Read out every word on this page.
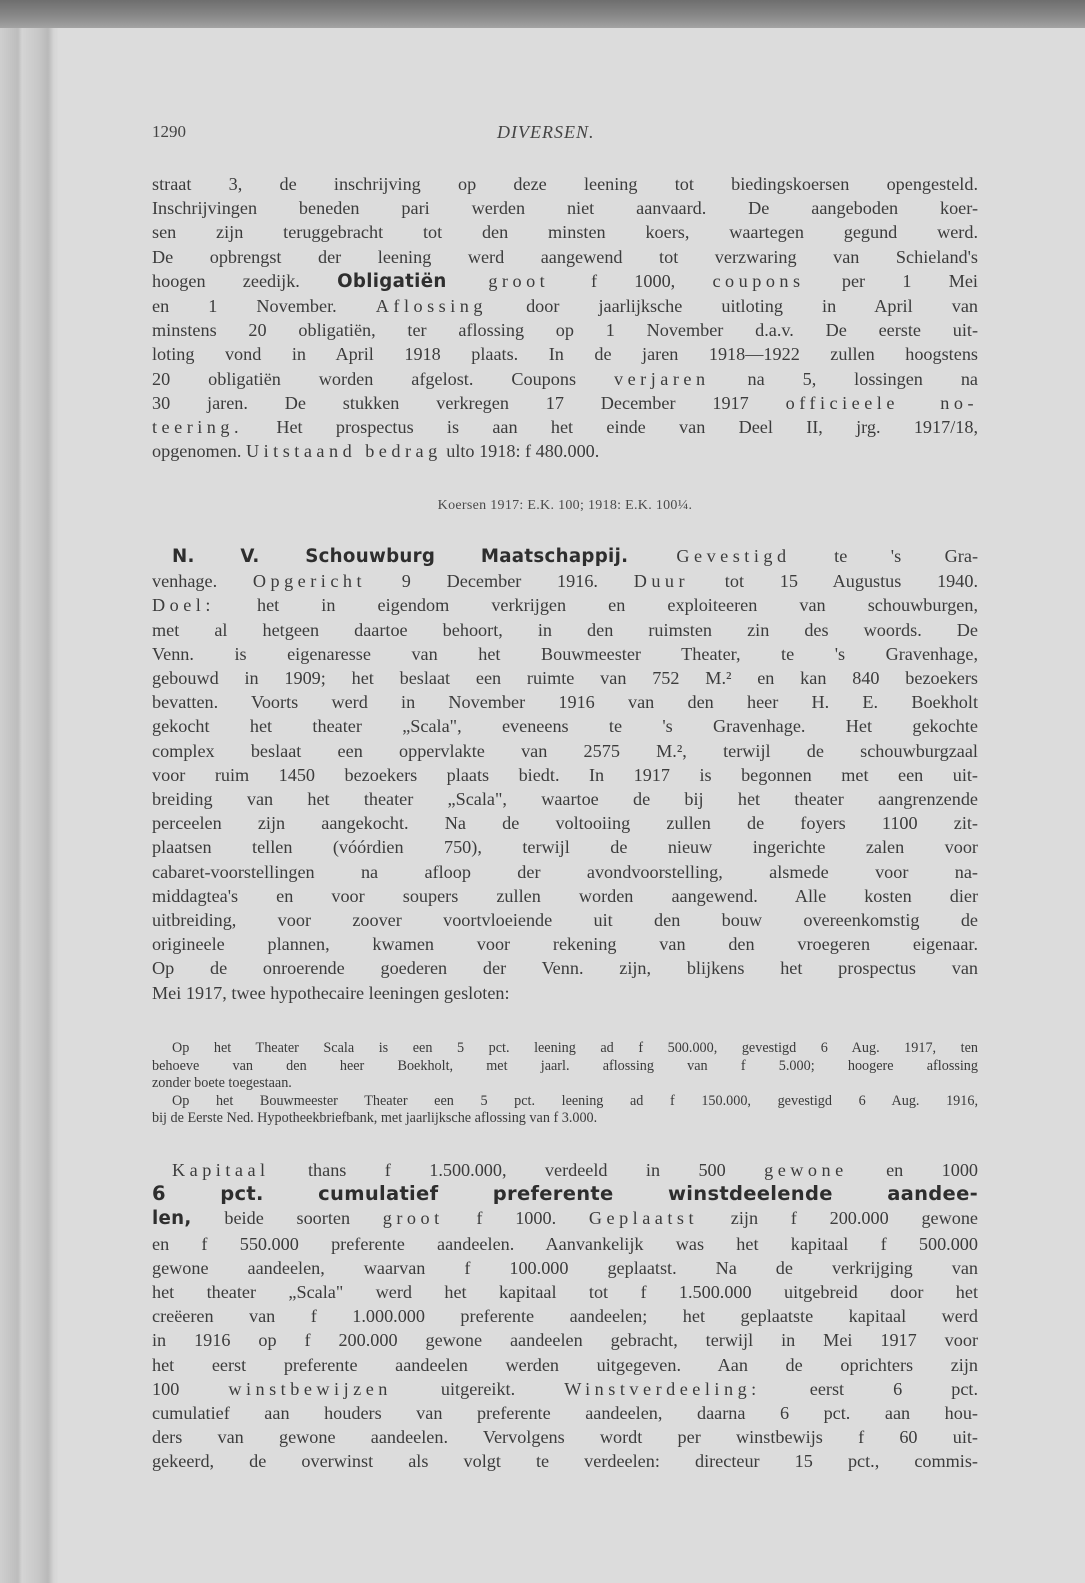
1290	DIVERSEN.
straat 3, de inschrijving op deze leening tot biedingskoersen opengesteld.
Inschrijvingen beneden pari werden niet aanvaard. De aangeboden koer-
sen zijn teruggebracht tot den minsten koers, waartegen gegund werd.
De opbrengst der leening werd aangewend tot verzwaring van Schieland's
hoogen zeedijk. Obligatiën groot f 1000, coupons per 1 Mei
en 1 November. Aflossing door jaarlijksche uitloting in April van
minstens 20 obligatiën, ter aflossing op 1 November d.a.v. De eerste uit-
loting vond in April 1918 plaats. In de jaren 1918—1922 zullen hoogstens
20 obligatiën worden afgelost. Coupons verjaren na 5, lossingen na
30 jaren. De stukken verkregen 17 December 1917 officieele no-
teering. Het prospectus is aan het einde van Deel II, jrg. 1917/18,
opgenomen. Uitstaand bedrag ulto 1918: f 480.000.
Koersen 1917: E.K. 100; 1918: E.K. 100¼.
N. V. Schouwburg Maatschappij. Gevestigd te 's Gra-
venhage. Opgericht 9 December 1916. Duur tot 15 Augustus 1940.
Doel: het in eigendom verkrijgen en exploiteeren van schouwburgen,
met al hetgeen daartoe behoort, in den ruimsten zin des woords. De
Venn. is eigenaresse van het Bouwmeester Theater, te 's Gravenhage,
gebouwd in 1909; het beslaat een ruimte van 752 M.² en kan 840 bezoekers
bevatten. Voorts werd in November 1916 van den heer H. E. Boekholt
gekocht het theater „Scala", eveneens te 's Gravenhage. Het gekochte
complex beslaat een oppervlakte van 2575 M.², terwijl de schouwburgzaal
voor ruim 1450 bezoekers plaats biedt. In 1917 is begonnen met een uit-
breiding van het theater „Scala", waartoe de bij het theater aangrenzende
perceelen zijn aangekocht. Na de voltooiing zullen de foyers 1100 zit-
plaatsen tellen (vóórdien 750), terwijl de nieuw ingerichte zalen voor
cabaret-voorstellingen na afloop der avondvoorstelling, alsmede voor na-
middagtea's en voor soupers zullen worden aangewend. Alle kosten dier
uitbreiding, voor zoover voortvloeiende uit den bouw overeenkomstig de
origineele plannen, kwamen voor rekening van den vroegeren eigenaar.
Op de onroerende goederen der Venn. zijn, blijkens het prospectus van
Mei 1917, twee hypothecaire leeningen gesloten:
Op het Theater Scala is een 5 pct. leening ad f 500.000, gevestigd 6 Aug. 1917, ten
behoeve van den heer Boekholt, met jaarl. aflossing van f 5.000; hoogere aflossing
zonder boete toegestaan.
Op het Bouwmeester Theater een 5 pct. leening ad f 150.000, gevestigd 6 Aug. 1916,
bij de Eerste Ned. Hypotheekbriefbank, met jaarlijksche aflossing van f 3.000.
Kapitaal thans f 1.500.000, verdeeld in 500 gewone en 1000
6 pct. cumulatief preferente winstdeelende aandee-
len, beide soorten groot f 1000. Geplaatst zijn f 200.000 gewone
en f 550.000 preferente aandeelen. Aanvankelijk was het kapitaal f 500.000
gewone aandeelen, waarvan f 100.000 geplaatst. Na de verkrijging van
het theater „Scala" werd het kapitaal tot f 1.500.000 uitgebreid door het
creëeren van f 1.000.000 preferente aandeelen; het geplaatste kapitaal werd
in 1916 op f 200.000 gewone aandeelen gebracht, terwijl in Mei 1917 voor
het eerst preferente aandeelen werden uitgegeven. Aan de oprichters zijn
100 winstbewijzen uitgereikt. Winstverdeeling: eerst 6 pct.
cumulatief aan houders van preferente aandeelen, daarna 6 pct. aan hou-
ders van gewone aandeelen. Vervolgens wordt per winstbewijs f 60 uit-
gekeerd, de overwinst als volgt te verdeelen: directeur 15 pct., commis-
